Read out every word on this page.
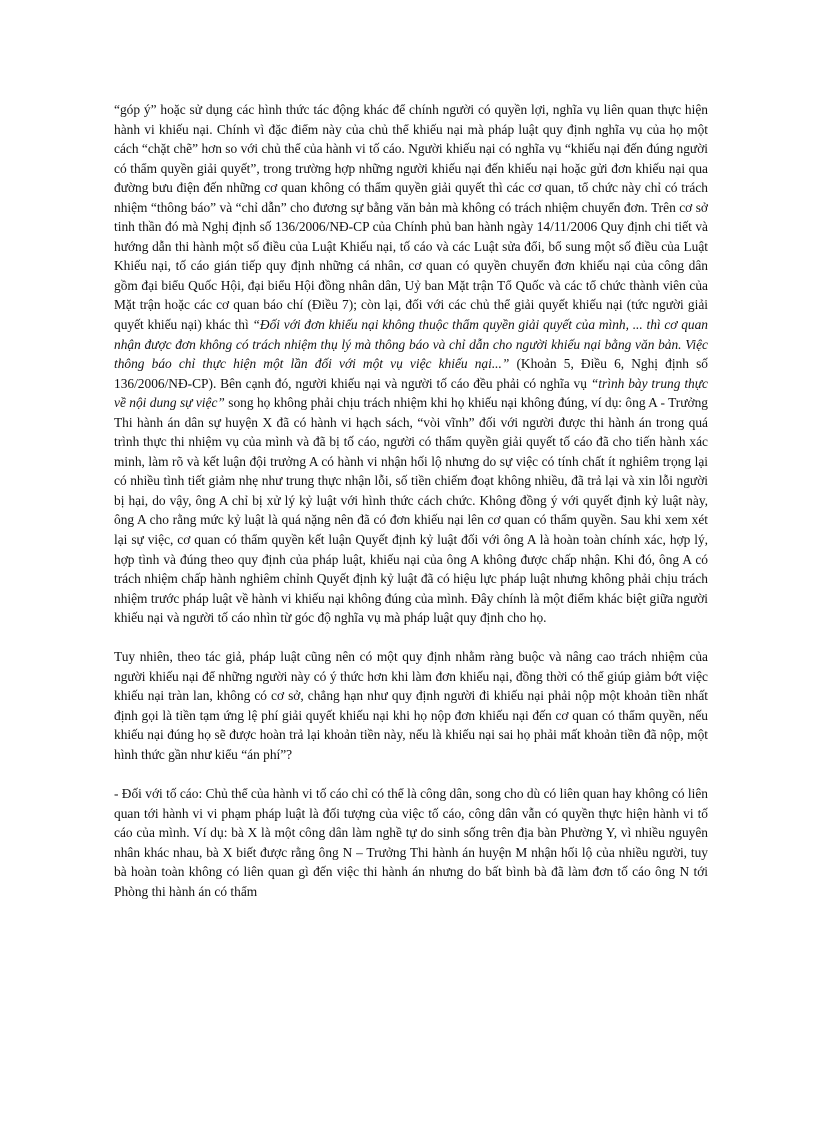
“góp ý” hoặc sử dụng các hình thức tác động khác để chính người có quyền lợi, nghĩa vụ liên quan thực hiện hành vi khiếu nại. Chính vì đặc điểm này của chủ thể khiếu nại mà pháp luật quy định nghĩa vụ của họ một cách “chặt chẽ” hơn so với chủ thể của hành vi tố cáo. Người khiếu nại có nghĩa vụ “khiếu nại đến đúng người có thẩm quyền giải quyết”, trong trường hợp những người khiếu nại đến khiếu nại hoặc gửi đơn khiếu nại qua đường bưu điện đến những cơ quan không có thẩm quyền giải quyết thì các cơ quan, tổ chức này chỉ có trách nhiệm “thông báo” và “chỉ dẫn” cho đương sự bằng văn bản mà không có trách nhiệm chuyển đơn. Trên cơ sở tinh thần đó mà Nghị định số 136/2006/NĐ-CP của Chính phủ ban hành ngày 14/11/2006 Quy định chi tiết và hướng dẫn thi hành một số điều của Luật Khiếu nại, tố cáo và các Luật sửa đổi, bổ sung một số điều của Luật Khiếu nại, tố cáo gián tiếp quy định những cá nhân, cơ quan có quyền chuyển đơn khiếu nại của công dân gồm đại biểu Quốc Hội, đại biểu Hội đồng nhân dân, Uỷ ban Mặt trận Tổ Quốc và các tổ chức thành viên của Mặt trận hoặc các cơ quan báo chí (Điều 7); còn lại, đối với các chủ thể giải quyết khiếu nại (tức người giải quyết khiếu nại) khác thì “Đối với đơn khiếu nại không thuộc thẩm quyền giải quyết của mình, ... thì cơ quan nhận được đơn không có trách nhiệm thụ lý mà thông báo và chỉ dẫn cho người khiếu nại bằng văn bản. Việc thông báo chỉ thực hiện một lần đối với một vụ việc khiếu nại...” (Khoản 5, Điều 6, Nghị định số 136/2006/NĐ-CP). Bên cạnh đó, người khiếu nại và người tố cáo đều phải có nghĩa vụ “trình bày trung thực về nội dung sự việc” song họ không phải chịu trách nhiệm khi họ khiếu nại không đúng, ví dụ: ông A - Trưởng Thi hành án dân sự huyện X đã có hành vi hạch sách, “vòi vĩnh” đối với người được thi hành án trong quá trình thực thi nhiệm vụ của mình và đã bị tố cáo, người có thẩm quyền giải quyết tố cáo đã cho tiến hành xác minh, làm rõ và kết luận đội trưởng A có hành vi nhận hối lộ nhưng do sự việc có tính chất ít nghiêm trọng lại có nhiều tình tiết giảm nhẹ như trung thực nhận lỗi, số tiền chiếm đoạt không nhiều, đã trả lại và xin lỗi người bị hại, do vậy, ông A chỉ bị xử lý kỷ luật với hình thức cách chức. Không đồng ý với quyết định kỷ luật này, ông A cho rằng mức kỷ luật là quá nặng nên đã có đơn khiếu nại lên cơ quan có thẩm quyền. Sau khi xem xét lại sự việc, cơ quan có thẩm quyền kết luận Quyết định kỷ luật đối với ông A là hoàn toàn chính xác, hợp lý, hợp tình và đúng theo quy định của pháp luật, khiếu nại của ông A không được chấp nhận. Khi đó, ông A có trách nhiệm chấp hành nghiêm chỉnh Quyết định kỷ luật đã có hiệu lực pháp luật nhưng không phải chịu trách nhiệm trước pháp luật về hành vi khiếu nại không đúng của mình. Đây chính là một điểm khác biệt giữa người khiếu nại và người tố cáo nhìn từ góc độ nghĩa vụ mà pháp luật quy định cho họ.

Tuy nhiên, theo tác giả, pháp luật cũng nên có một quy định nhằm ràng buộc và nâng cao trách nhiệm của người khiếu nại để những người này có ý thức hơn khi làm đơn khiếu nại, đồng thời có thể giúp giảm bớt việc khiếu nại tràn lan, không có cơ sở, chẳng hạn như quy định người đi khiếu nại phải nộp một khoản tiền nhất định gọi là tiền tạm ứng lệ phí giải quyết khiếu nại khi họ nộp đơn khiếu nại đến cơ quan có thẩm quyền, nếu khiếu nại đúng họ sẽ được hoàn trả lại khoản tiền này, nếu là khiếu nại sai họ phải mất khoản tiền đã nộp, một hình thức gần như kiểu “án phí”?

- Đối với tố cáo: Chủ thể của hành vi tố cáo chỉ có thể là công dân, song cho dù có liên quan hay không có liên quan tới hành vi vi phạm pháp luật là đối tượng của việc tố cáo, công dân vẫn có quyền thực hiện hành vi tố cáo của mình. Ví dụ: bà X là một công dân làm nghề tự do sinh sống trên địa bàn Phường Y, vì nhiều nguyên nhân khác nhau, bà X biết được rằng ông N – Trưởng Thi hành án huyện M nhận hối lộ của nhiều người, tuy bà hoàn toàn không có liên quan gì đến việc thi hành án nhưng do bất bình bà đã làm đơn tố cáo ông N tới Phòng thi hành án có thẩm
